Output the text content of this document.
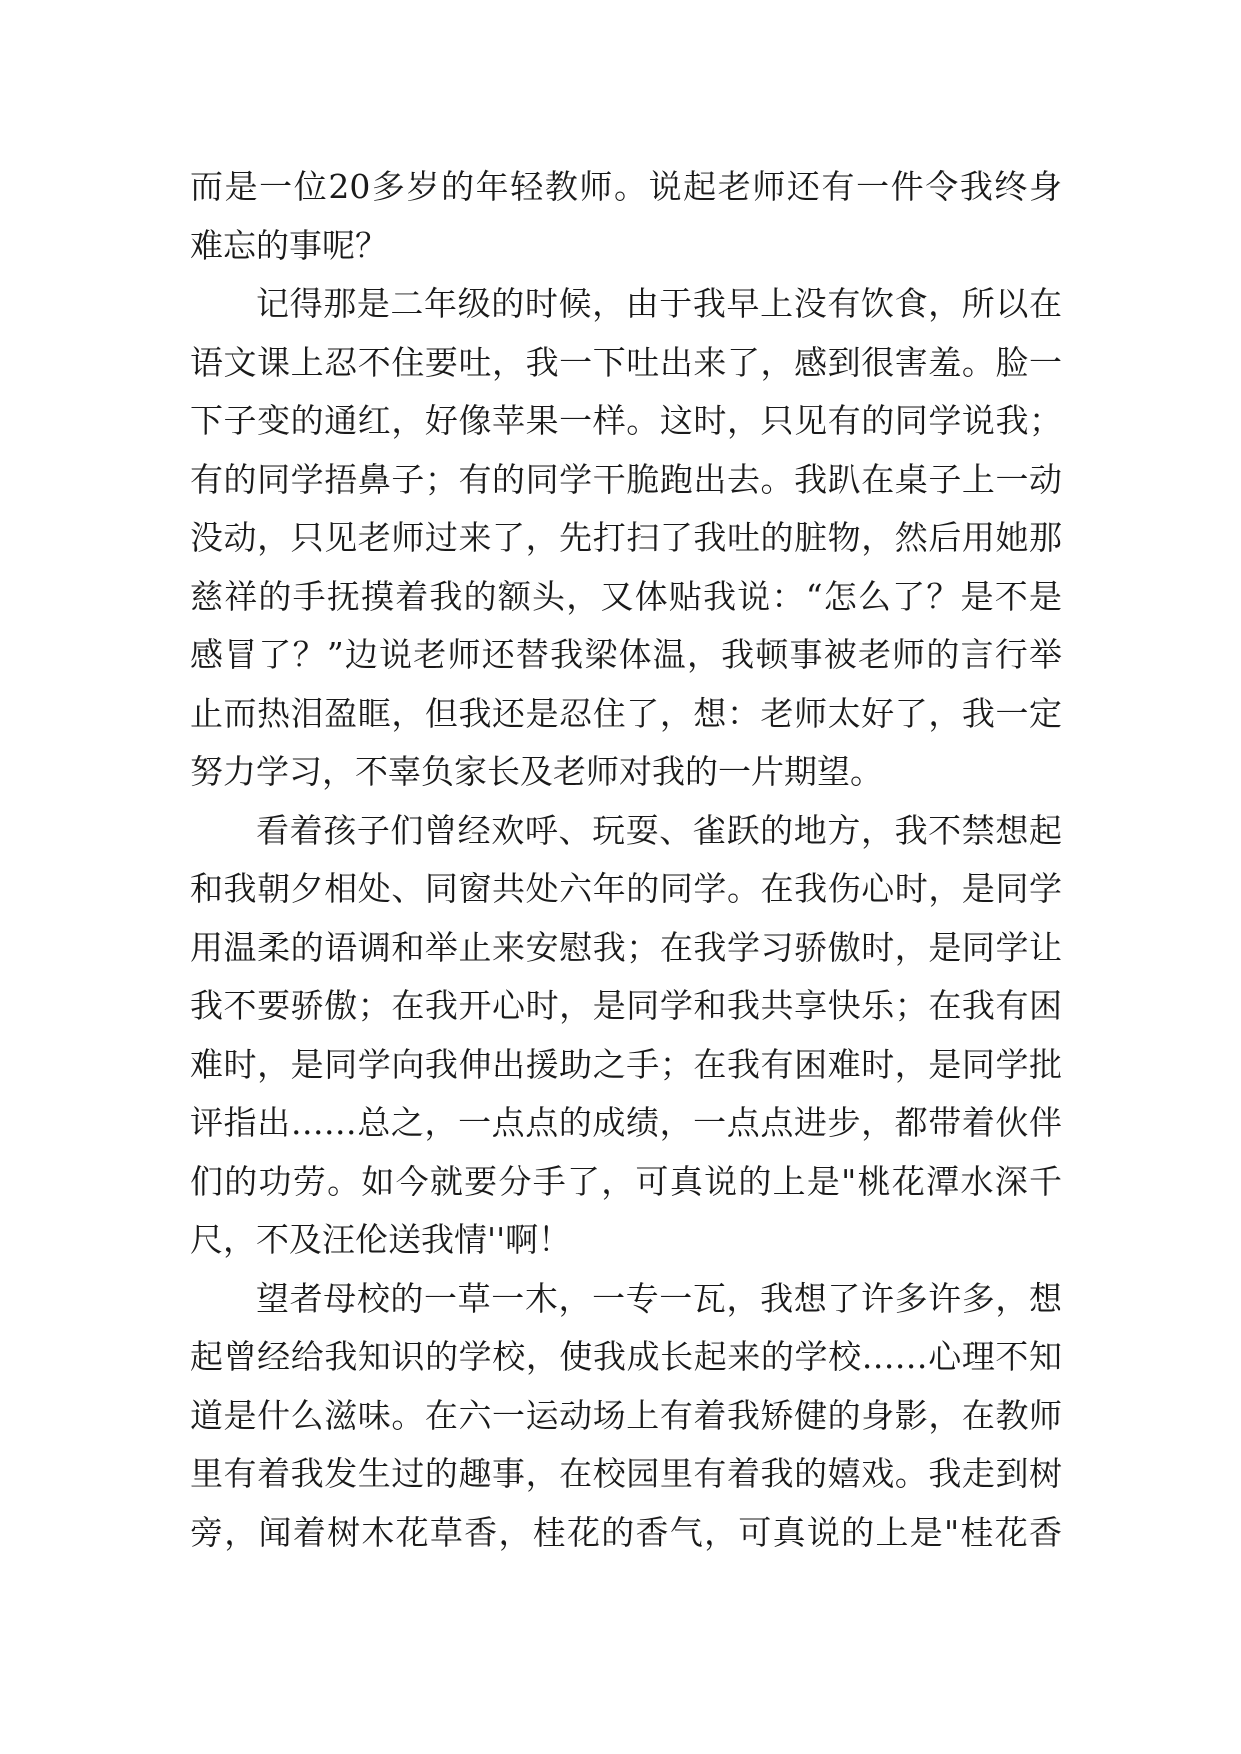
而是一位20多岁的年轻教师。说起老师还有一件令我终身
难忘的事呢？
记得那是二年级的时候，由于我早上没有饮食，所以在
语文课上忍不住要吐，我一下吐出来了，感到很害羞。脸一
下子变的通红，好像苹果一样。这时，只见有的同学说我；
有的同学捂鼻子；有的同学干脆跑出去。我趴在桌子上一动
没动，只见老师过来了，先打扫了我吐的脏物，然后用她那
慈祥的手抚摸着我的额头，又体贴我说：“怎么了？是不是
感冒了？”边说老师还替我梁体温，我顿事被老师的言行举
止而热泪盈眶，但我还是忍住了，想：老师太好了，我一定
努力学习，不辜负家长及老师对我的一片期望。
看着孩子们曾经欢呼、玩耍、雀跃的地方，我不禁想起
和我朝夕相处、同窗共处六年的同学。在我伤心时，是同学
用温柔的语调和举止来安慰我；在我学习骄傲时，是同学让
我不要骄傲；在我开心时，是同学和我共享快乐；在我有困
难时，是同学向我伸出援助之手；在我有困难时，是同学批
评指出……总之，一点点的成绩，一点点进步，都带着伙伴
们的功劳。如今就要分手了，可真说的上是"桃花潭水深千
尺，不及汪伦送我情''啊！
望者母校的一草一木，一专一瓦，我想了许多许多，想
起曾经给我知识的学校，使我成长起来的学校……心理不知
道是什么滋味。在六一运动场上有着我矫健的身影，在教师
里有着我发生过的趣事，在校园里有着我的嬉戏。我走到树
旁，闻着树木花草香，桂花的香气，可真说的上是"桂花香
